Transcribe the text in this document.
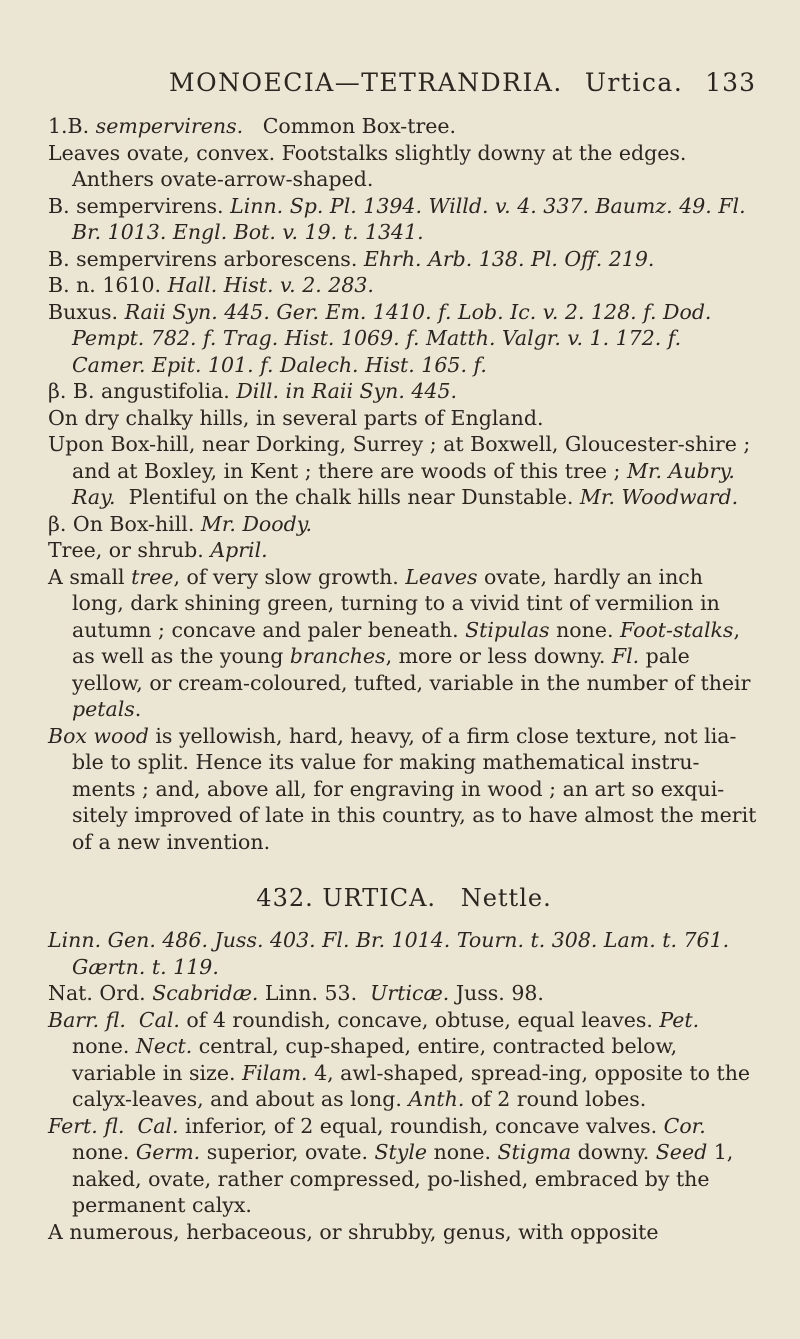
MONOECIA—TETRANDRIA. Urtica. 133

1.B. sempervirens. Common Box-tree.

Leaves ovate, convex. Footstalks slightly downy at the edges. Anthers ovate-arrow-shaped.

B. sempervirens. Linn. Sp. Pl. 1394. Willd. v. 4. 337. Baumz. 49. Fl. Br. 1013. Engl. Bot. v. 19. t. 1341.

B. sempervirens arborescens. Ehrh. Arb. 138. Pl. Off. 219.

B. n. 1610. Hall. Hist. v. 2. 283.

Buxus. Raii Syn. 445. Ger. Em. 1410. f. Lob. Ic. v. 2. 128. f. Dod. Pempt. 782. f. Trag. Hist. 1069. f. Matth. Valgr. v. 1. 172. f. Camer. Epit. 101. f. Dalech. Hist. 165. f.

β. B. angustifolia. Dill. in Raii Syn. 445.

On dry chalky hills, in several parts of England.

Upon Box-hill, near Dorking, Surrey ; at Boxwell, Gloucester-shire ; and at Boxley, in Kent ; there are woods of this tree ; Mr. Aubry. Ray. Plentiful on the chalk hills near Dunstable. Mr. Woodward.

β. On Box-hill. Mr. Doody.

Tree, or shrub. April.

A small tree, of very slow growth. Leaves ovate, hardly an inch long, dark shining green, turning to a vivid tint of vermilion in autumn ; concave and paler beneath. Stipulas none. Foot-stalks, as well as the young branches, more or less downy. Fl. pale yellow, or cream-coloured, tufted, variable in the number of their petals.

Box wood is yellowish, hard, heavy, of a firm close texture, not lia-ble to split. Hence its value for making mathematical instru-ments ; and, above all, for engraving in wood ; an art so exqui-sitely improved of late in this country, as to have almost the merit of a new invention.

432. URTICA. Nettle.

Linn. Gen. 486. Juss. 403. Fl. Br. 1014. Tourn. t. 308. Lam. t. 761. Gærtn. t. 119.

Nat. Ord. Scabridæ. Linn. 53. Urticæ. Juss. 98.

Barr. fl. Cal. of 4 roundish, concave, obtuse, equal leaves. Pet. none. Nect. central, cup-shaped, entire, contracted below, variable in size. Filam. 4, awl-shaped, spread-ing, opposite to the calyx-leaves, and about as long. Anth. of 2 round lobes.

Fert. fl. Cal. inferior, of 2 equal, roundish, concave valves. Cor. none. Germ. superior, ovate. Style none. Stigma downy. Seed 1, naked, ovate, rather compressed, po-lished, embraced by the permanent calyx.

A numerous, herbaceous, or shrubby, genus, with opposite
